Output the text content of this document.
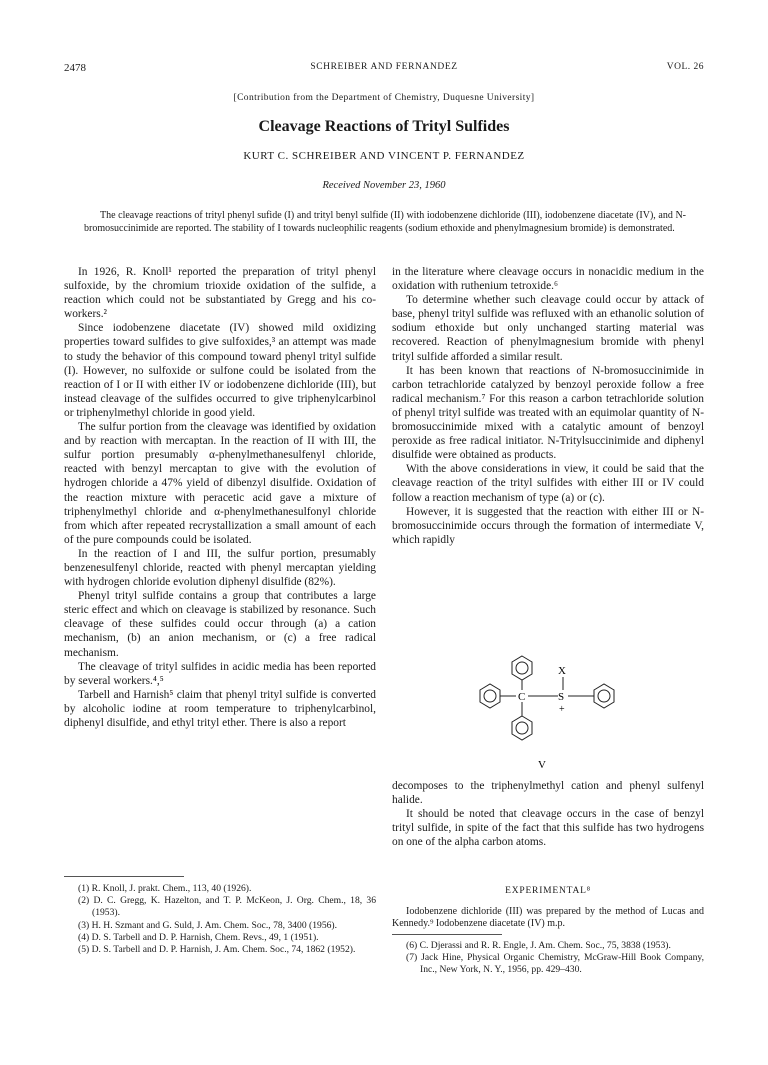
2478	SCHREIBER AND FERNANDEZ	VOL. 26
[Contribution from the Department of Chemistry, Duquesne University]
Cleavage Reactions of Trityl Sulfides
KURT C. SCHREIBER AND VINCENT P. FERNANDEZ
Received November 23, 1960
The cleavage reactions of trityl phenyl sufide (I) and trityl benyl sulfide (II) with iodobenzene dichloride (III), iodobenzene diacetate (IV), and N-bromosuccinimide are reported. The stability of I towards nucleophilic reagents (sodium ethoxide and phenylmagnesium bromide) is demonstrated.

In 1926, R. Knoll¹ reported the preparation of trityl phenyl sulfoxide, by the chromium trioxide oxidation of the sulfide, a reaction which could not be substantiated by Gregg and his co-workers.²

Since iodobenzene diacetate (IV) showed mild oxidizing properties toward sulfides to give sulfoxides,³ an attempt was made to study the behavior of this compound toward phenyl trityl sulfide (I). However, no sulfoxide or sulfone could be isolated from the reaction of I or II with either IV or iodobenzene dichloride (III), but instead cleavage of the sulfides occurred to give triphenylcarbinol or triphenylmethyl chloride in good yield.

The sulfur portion from the cleavage was identified by oxidation and by reaction with mercaptan. In the reaction of II with III, the sulfur portion presumably α-phenylmethanesulfenyl chloride, reacted with benzyl mercaptan to give with the evolution of hydrogen chloride a 47% yield of dibenzyl disulfide. Oxidation of the reaction mixture with peracetic acid gave a mixture of triphenylmethyl chloride and α-phenylmethanesulfonyl chloride from which after repeated recrystallization a small amount of each of the pure compounds could be isolated.

In the reaction of I and III, the sulfur portion, presumably benzenesulfenyl chloride, reacted with phenyl mercaptan yielding with hydrogen chloride evolution diphenyl disulfide (82%).

Phenyl trityl sulfide contains a group that contributes a large steric effect and which on cleavage is stabilized by resonance. Such cleavage of these sulfides could occur through (a) a cation mechanism, (b) an anion mechanism, or (c) a free radical mechanism.

The cleavage of trityl sulfides in acidic media has been reported by several workers.⁴,⁵

Tarbell and Harnish⁵ claim that phenyl trityl sulfide is converted by alcoholic iodine at room temperature to triphenylcarbinol, diphenyl disulfide, and ethyl trityl ether. There is also a report

in the literature where cleavage occurs in nonacidic medium in the oxidation with ruthenium tetroxide.⁶

To determine whether such cleavage could occur by attack of base, phenyl trityl sulfide was refluxed with an ethanolic solution of sodium ethoxide but only unchanged starting material was recovered. Reaction of phenylmagnesium bromide with phenyl trityl sulfide afforded a similar result.

It has been known that reactions of N-bromosuccinimide in carbon tetrachloride catalyzed by benzoyl peroxide follow a free radical mechanism.⁷ For this reason a carbon tetrachloride solution of phenyl trityl sulfide was treated with an equimolar quantity of N-bromosuccinimide mixed with a catalytic amount of benzoyl peroxide as free radical initiator. N-Tritylsuccinimide and diphenyl disulfide were obtained as products.

With the above considerations in view, it could be said that the cleavage reaction of the trityl sulfides with either III or IV could follow a reaction mechanism of type (a) or (c).

However, it is suggested that the reaction with either III or N-bromosuccinimide occurs through the formation of intermediate V, which rapidly

C	S
X
+
V

decomposes to the triphenylmethyl cation and phenyl sulfenyl halide.

It should be noted that cleavage occurs in the case of benzyl trityl sulfide, in spite of the fact that this sulfide has two hydrogens on one of the alpha carbon atoms.

(1) R. Knoll, J. prakt. Chem., 113, 40 (1926).
(2) D. C. Gregg, K. Hazelton, and T. P. McKeon, J. Org. Chem., 18, 36 (1953).
(3) H. H. Szmant and G. Suld, J. Am. Chem. Soc., 78, 3400 (1956).
(4) D. S. Tarbell and D. P. Harnish, Chem. Revs., 49, 1 (1951).
(5) D. S. Tarbell and D. P. Harnish, J. Am. Chem. Soc., 74, 1862 (1952).
EXPERIMENTAL⁸
Iodobenzene dichloride (III) was prepared by the method of Lucas and Kennedy.⁹ Iodobenzene diacetate (IV) m.p.
(6) C. Djerassi and R. R. Engle, J. Am. Chem. Soc., 75, 3838 (1953).
(7) Jack Hine, Physical Organic Chemistry, McGraw-Hill Book Company, Inc., New York, N. Y., 1956, pp. 429–430.
